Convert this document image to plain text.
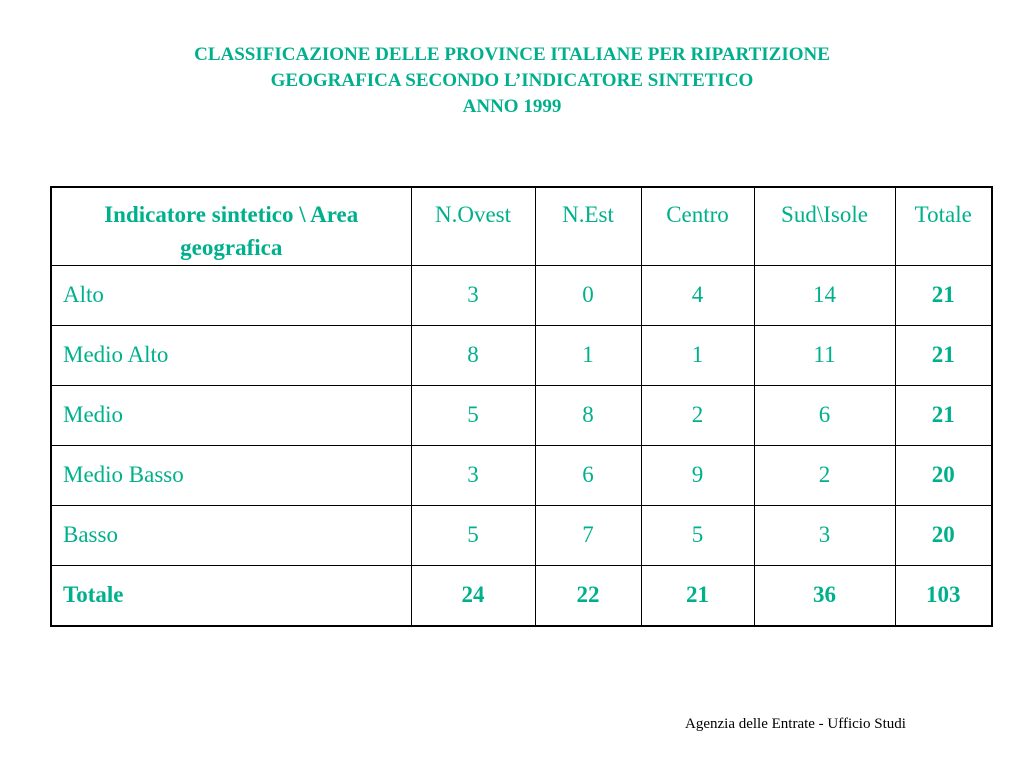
CLASSIFICAZIONE DELLE PROVINCE ITALIANE PER RIPARTIZIONE
GEOGRAFICA SECONDO L’INDICATORE SINTETICO
ANNO 1999
Indicatore sintetico \ Area geografica	N.Ovest	N.Est	Centro	Sud\Isole	Totale
Alto	3	0	4	14	21
Medio Alto	8	1	1	11	21
Medio	5	8	2	6	21
Medio Basso	3	6	9	2	20
Basso	5	7	5	3	20
Totale	24	22	21	36	103
Agenzia delle Entrate - Ufficio Studi
